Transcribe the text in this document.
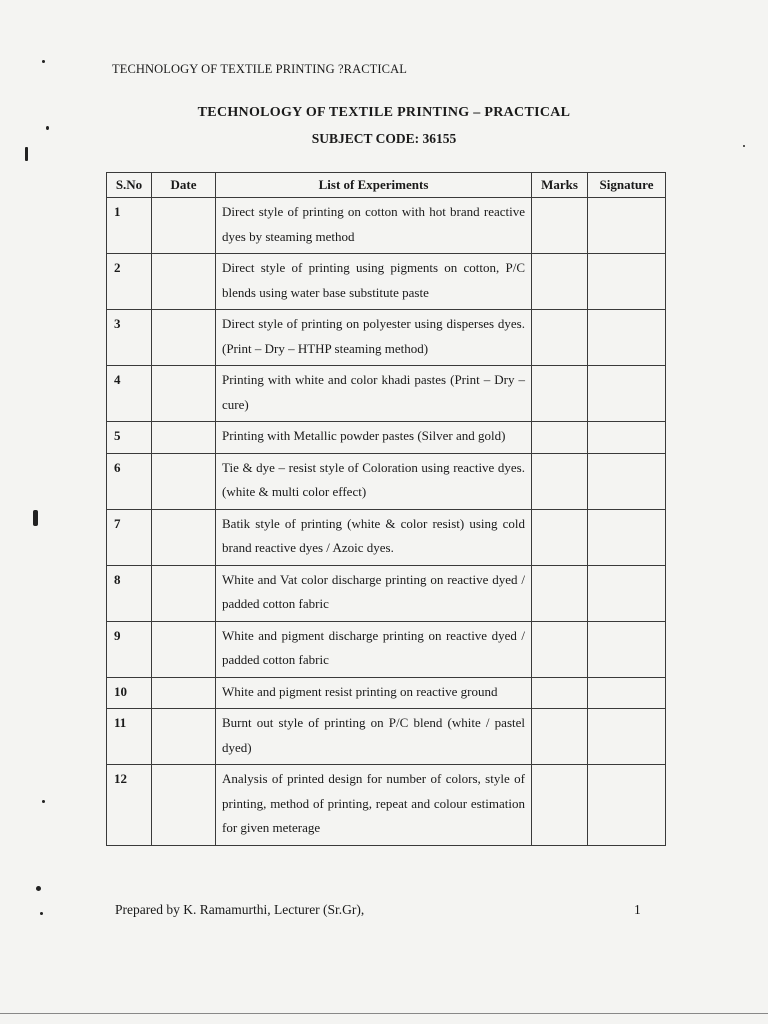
TECHNOLOGY OF TEXTILE PRINTING ?RACTICAL
TECHNOLOGY OF TEXTILE PRINTING – PRACTICAL
SUBJECT CODE: 36155
S.No	Date	List of Experiments	Marks	Signature
1		Direct style of printing on cotton with hot brand reactive dyes by steaming method		
2		Direct style of printing using pigments on cotton, P/C blends using water base substitute paste		
3		Direct style of printing on polyester using disperses dyes. (Print – Dry – HTHP steaming method)		
4		Printing with white and color khadi pastes (Print – Dry – cure)		
5		Printing with Metallic powder pastes (Silver and gold)		
6		Tie & dye – resist style of Coloration using reactive dyes. (white & multi color effect)		
7		Batik style of printing (white & color resist) using cold brand reactive dyes / Azoic dyes.		
8		White and Vat color discharge printing on reactive dyed / padded cotton fabric		
9		White and pigment discharge printing on reactive dyed / padded cotton fabric		
10		White and pigment resist printing on reactive ground		
11		Burnt out style of printing on P/C blend (white / pastel dyed)		
12		Analysis of printed design for number of colors, style of printing, method of printing, repeat and colour estimation for given meterage		
Prepared by K. Ramamurthi, Lecturer (Sr.Gr),	1
